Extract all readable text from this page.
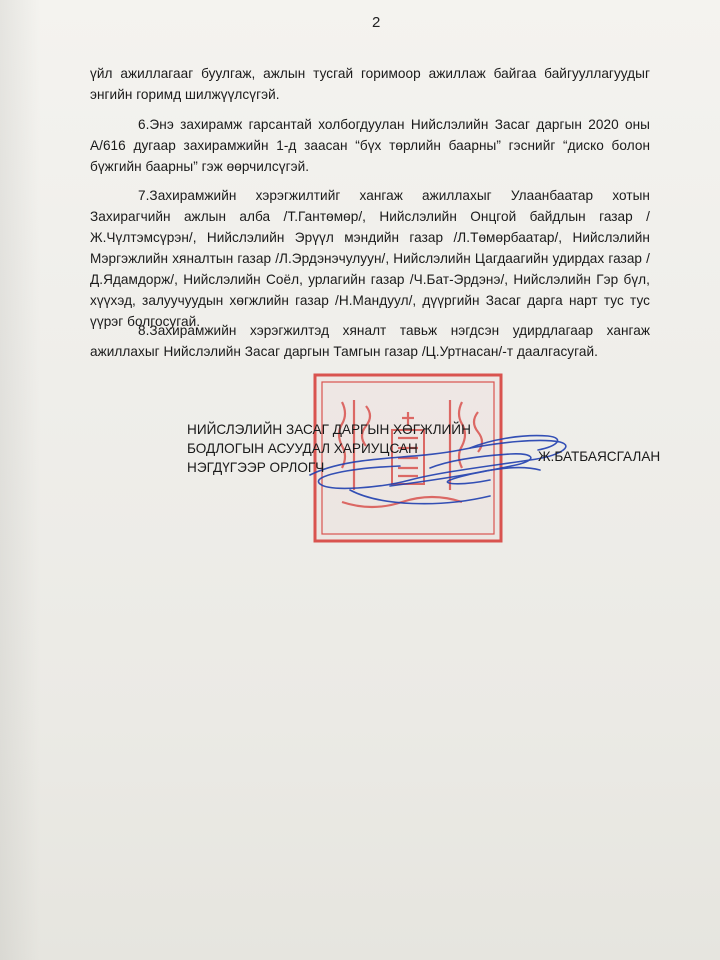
2
үйл ажиллагааг буулгаж, ажлын тусгай горимоор ажиллаж байгаа байгууллагуудыг энгийн горимд шилжүүлсүгэй.
6.Энэ захирамж гарсантай холбогдуулан Нийслэлийн Засаг даргын 2020 оны А/616 дугаар захирамжийн 1-д заасан “бүх төрлийн баарны” гэснийг “диско болон бүжгийн баарны” гэж өөрчилсүгэй.
7.Захирамжийн хэрэгжилтийг хангаж ажиллахыг Улаанбаатар хотын Захирагчийн ажлын алба /Т.Гантөмөр/, Нийслэлийн Онцгой байдлын газар /Ж.Чүлтэмсүрэн/, Нийслэлийн Эрүүл мэндийн газар /Л.Төмөрбаатар/, Нийслэлийн Мэргэжлийн хяналтын газар /Л.Эрдэнэчулуун/, Нийслэлийн Цагдаагийн удирдах газар /Д.Ядамдорж/, Нийслэлийн Соёл, урлагийн газар /Ч.Бат-Эрдэнэ/, Нийслэлийн Гэр бүл, хүүхэд, залуучуудын хөгжлийн газар /Н.Мандуул/, дүүргийн Засаг дарга нарт тус тус үүрэг болгосугай.
8.Захирамжийн хэрэгжилтэд хяналт тавьж нэгдсэн удирдлагаар хангаж ажиллахыг Нийслэлийн Засаг даргын Тамгын газар /Ц.Уртнасан/-т даалгасугай.
НИЙСЛЭЛИЙН ЗАСАГ ДАРГЫН ХӨГЖЛИЙН
БОДЛОГЫН АСУУДАЛ ХАРИУЦСАН
НЭГДҮГЭЭР ОРЛОГЧ
Ж.БАТБАЯСГАЛАН
